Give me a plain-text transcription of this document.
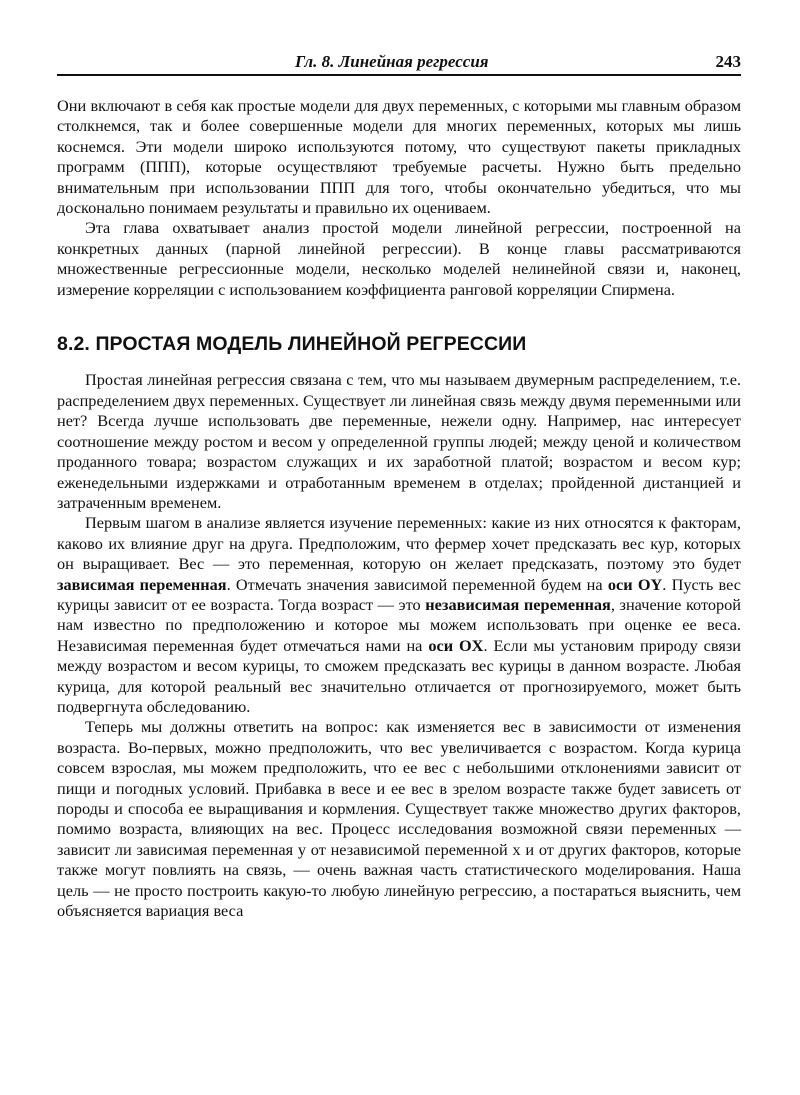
Гл. 8. Линейная регрессия	243

Они включают в себя как простые модели для двух переменных, с которыми мы главным образом столкнемся, так и более совершенные модели для многих переменных, которых мы лишь коснемся. Эти модели широко используются потому, что существуют пакеты прикладных программ (ППП), которые осуществляют требуемые расчеты. Нужно быть предельно внимательным при использовании ППП для того, чтобы окончательно убедиться, что мы досконально понимаем результаты и правильно их оцениваем.

Эта глава охватывает анализ простой модели линейной регрессии, построенной на конкретных данных (парной линейной регрессии). В конце главы рассматриваются множественные регрессионные модели, несколько моделей нелинейной связи и, наконец, измерение корреляции с использованием коэффициента ранговой корреляции Спирмена.

8.2. ПРОСТАЯ МОДЕЛЬ ЛИНЕЙНОЙ РЕГРЕССИИ

Простая линейная регрессия связана с тем, что мы называем двумерным распределением, т.е. распределением двух переменных. Существует ли линейная связь между двумя переменными или нет? Всегда лучше использовать две переменные, нежели одну. Например, нас интересует соотношение между ростом и весом у определенной группы людей; между ценой и количеством проданного товара; возрастом служащих и их заработной платой; возрастом и весом кур; еженедельными издержками и отработанным временем в отделах; пройденной дистанцией и затраченным временем.

Первым шагом в анализе является изучение переменных: какие из них относятся к факторам, каково их влияние друг на друга. Предположим, что фермер хочет предсказать вес кур, которых он выращивает. Вес — это переменная, которую он желает предсказать, поэтому это будет зависимая переменная. Отмечать значения зависимой переменной будем на оси OY. Пусть вес курицы зависит от ее возраста. Тогда возраст — это независимая переменная, значение которой нам известно по предположению и которое мы можем использовать при оценке ее веса. Независимая переменная будет отмечаться нами на оси OX. Если мы установим природу связи между возрастом и весом курицы, то сможем предсказать вес курицы в данном возрасте. Любая курица, для которой реальный вес значительно отличается от прогнозируемого, может быть подвергнута обследованию.

Теперь мы должны ответить на вопрос: как изменяется вес в зависимости от изменения возраста. Во-первых, можно предположить, что вес увеличивается с возрастом. Когда курица совсем взрослая, мы можем предположить, что ее вес с небольшими отклонениями зависит от пищи и погодных условий. Прибавка в весе и ее вес в зрелом возрасте также будет зависеть от породы и способа ее выращивания и кормления. Существует также множество других факторов, помимо возраста, влияющих на вес. Процесс исследования возможной связи переменных — зависит ли зависимая переменная у от независимой переменной х и от других факторов, которые также могут повлиять на связь, — очень важная часть статистического моделирования. Наша цель — не просто построить какую-то любую линейную регрессию, а постараться выяснить, чем объясняется вариация веса
